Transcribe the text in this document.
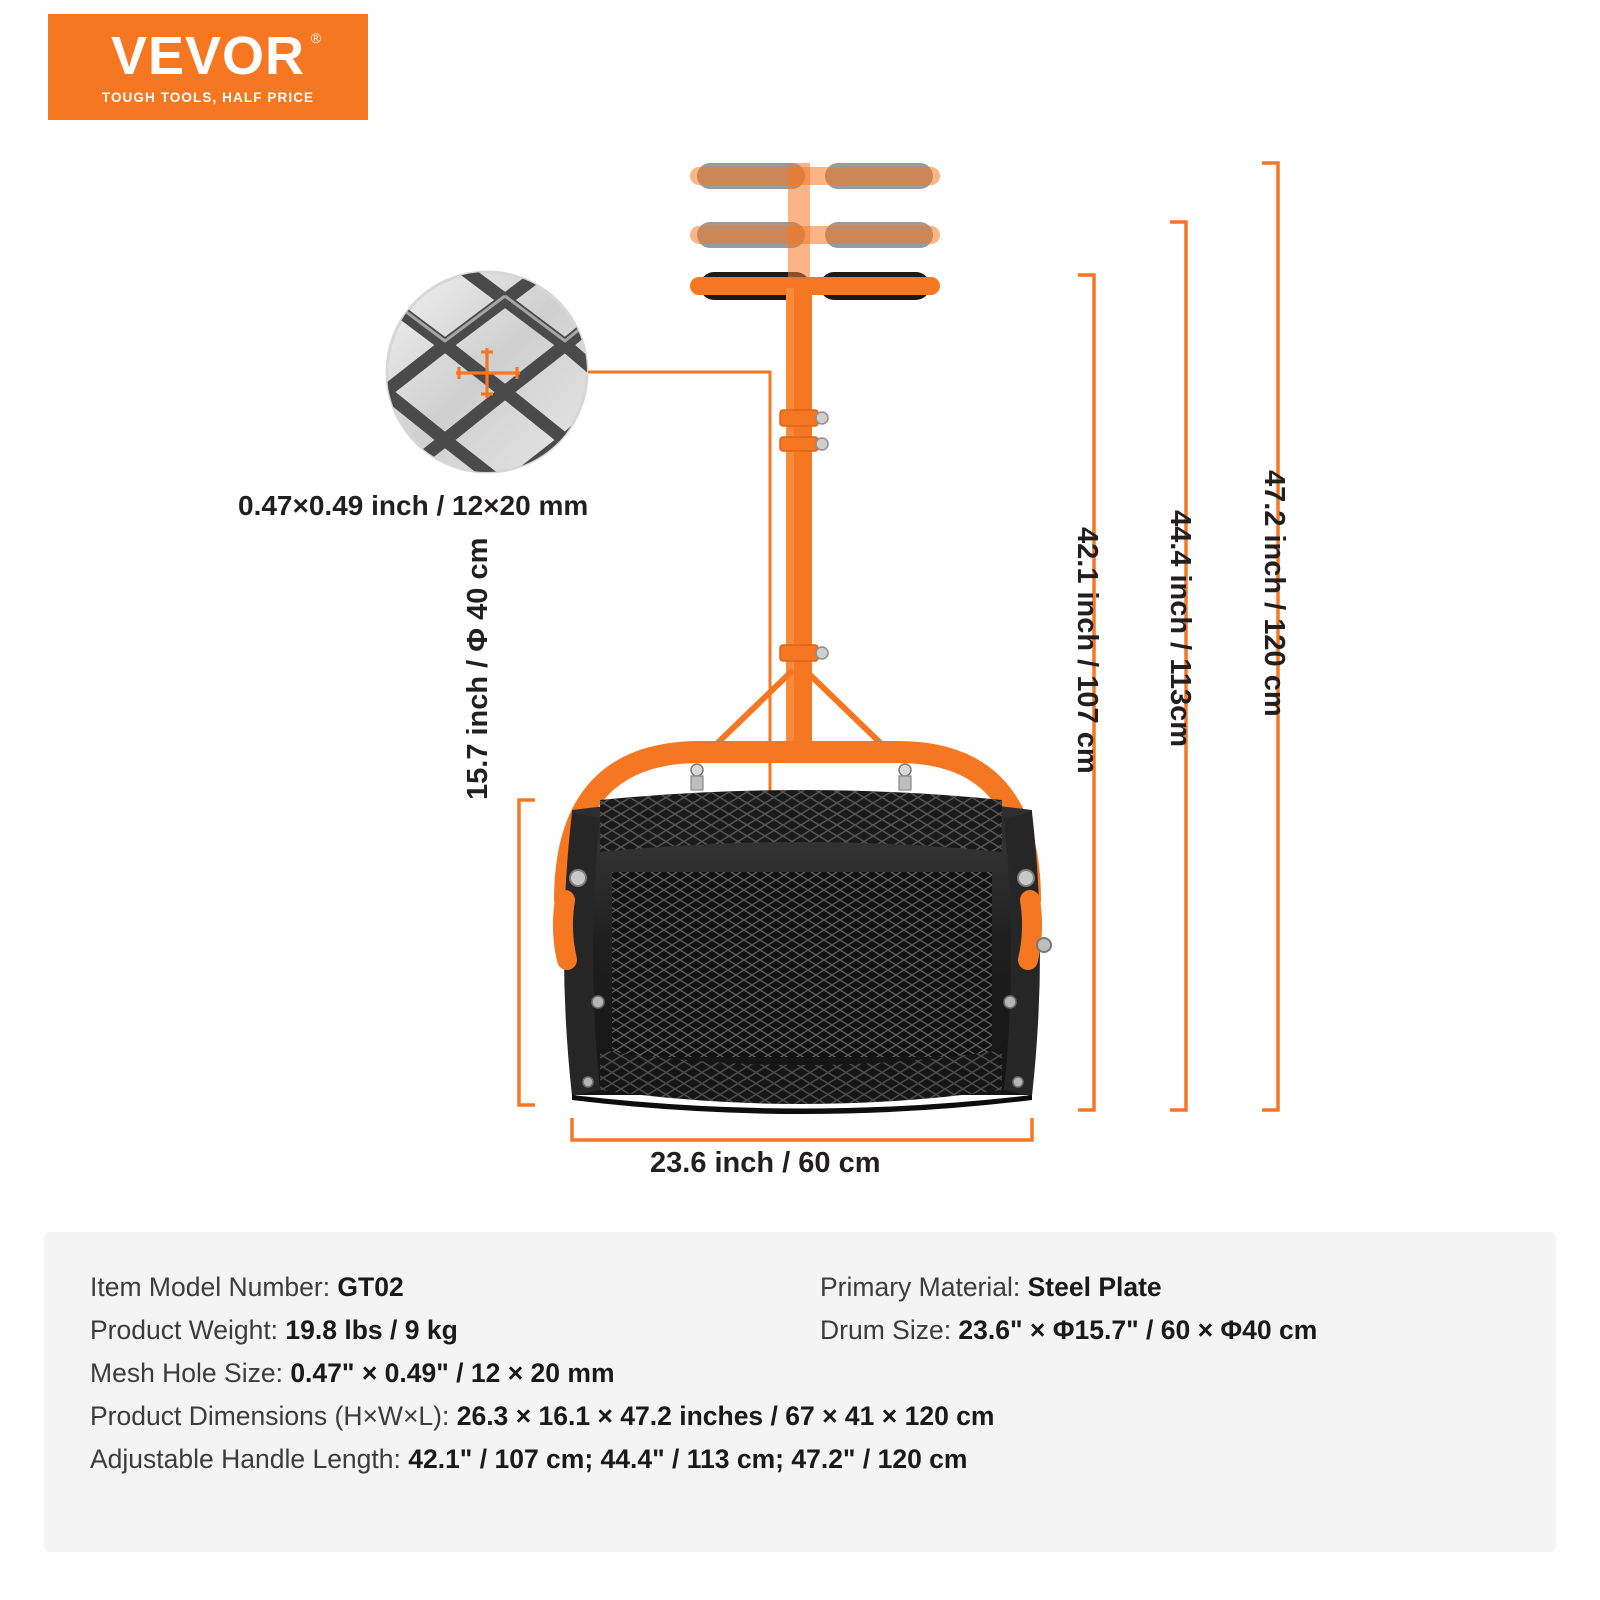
VEVOR ®
TOUGH TOOLS, HALF PRICE
0.47×0.49 inch / 12×20 mm
23.6 inch / 60 cm
15.7 inch / Φ 40 cm	42.1 inch / 107 cm 44.4 inch / 113cm 47.2 inch / 120 cm
Item Model Number: GT02	Primary Material: Steel Plate
Product Weight: 19.8 lbs / 9 kg	Drum Size: 23.6" × Φ15.7" / 60 × Φ40 cm
Mesh Hole Size: 0.47" × 0.49" / 12 × 20 mm
Product Dimensions (H×W×L): 26.3 × 16.1 × 47.2 inches / 67 × 41 × 120 cm
Adjustable Handle Length: 42.1" / 107 cm; 44.4" / 113 cm; 47.2" / 120 cm
